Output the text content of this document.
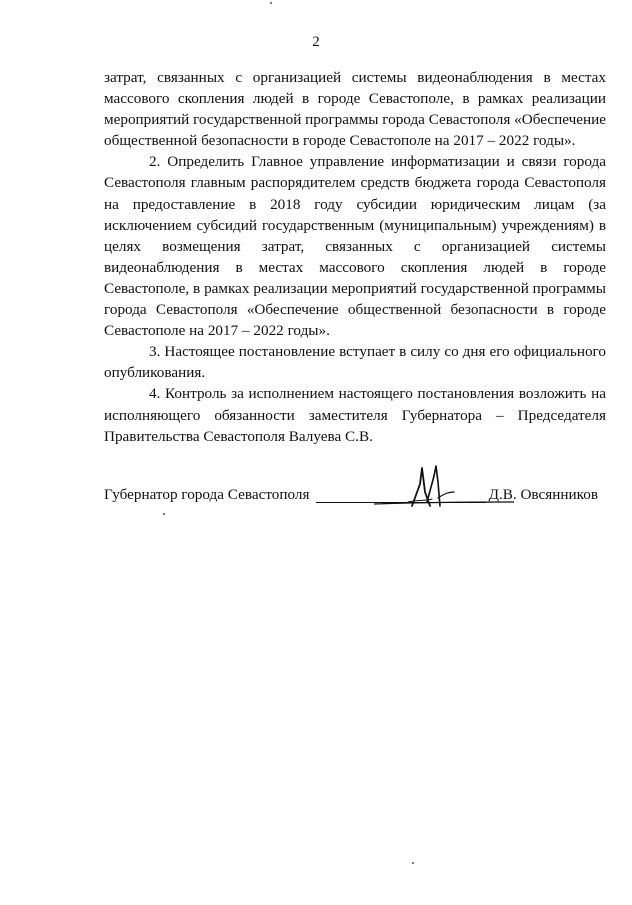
2

затрат, связанных с организацией системы видеонаблюдения в местах массового скопления людей в городе Севастополе, в рамках реализации мероприятий государственной программы города Севастополя «Обеспечение общественной безопасности в городе Севастополе на 2017 – 2022 годы».

2. Определить Главное управление информатизации и связи города Севастополя главным распорядителем средств бюджета города Севастополя на предоставление в 2018 году субсидии юридическим лицам (за исключением субсидий государственным (муниципальным) учреждениям) в целях возмещения затрат, связанных с организацией системы видеонаблюдения в местах массового скопления людей в городе Севастополе, в рамках реализации мероприятий государственной программы города Севастополя «Обеспечение общественной безопасности в городе Севастополе на 2017 – 2022 годы».

3. Настоящее постановление вступает в силу со дня его официального опубликования.

4. Контроль за исполнением настоящего постановления возложить на исполняющего обязанности заместителя Губернатора – Председателя Правительства Севастополя Валуева С.В.

Губернатор города Севастополя	Д.В. Овсянников
